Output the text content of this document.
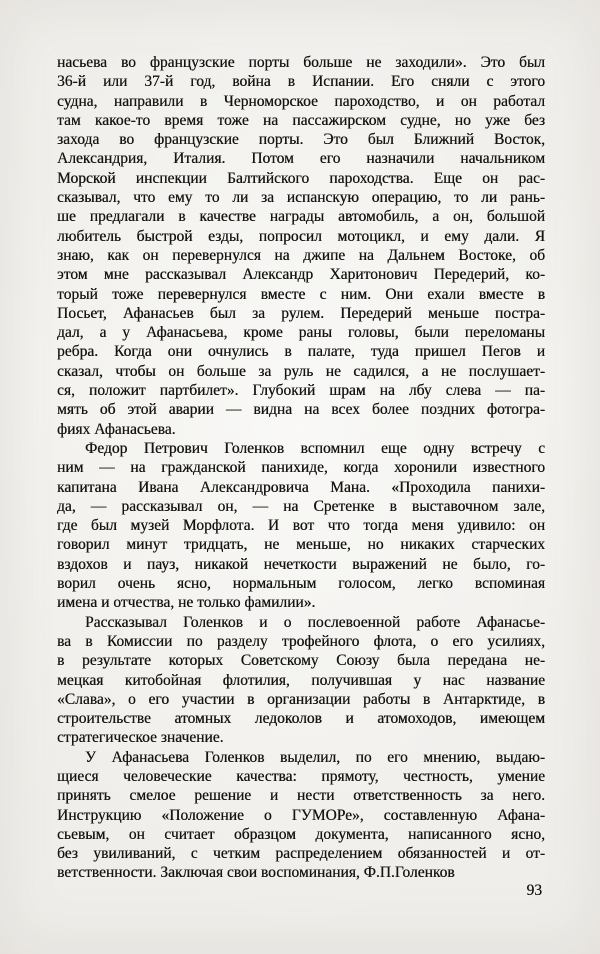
насьева во французские порты больше не заходили». Это был
36-й или 37-й год, война в Испании. Его сняли с этого
судна, направили в Черноморское пароходство, и он работал
там какое-то время тоже на пассажирском судне, но уже без
захода во французские порты. Это был Ближний Восток,
Александрия, Италия. Потом его назначили начальником
Морской инспекции Балтийского пароходства. Еще он рас-
сказывал, что ему то ли за испанскую операцию, то ли рань-
ше предлагали в качестве награды автомобиль, а он, большой
любитель быстрой езды, попросил мотоцикл, и ему дали. Я
знаю, как он перевернулся на джипе на Дальнем Востоке, об
этом мне рассказывал Александр Харитонович Передерий, ко-
торый тоже перевернулся вместе с ним. Они ехали вместе в
Посьет, Афанасьев был за рулем. Передерий меньше постра-
дал, а у Афанасьева, кроме раны головы, были переломаны
ребра. Когда они очнулись в палате, туда пришел Пегов и
сказал, чтобы он больше за руль не садился, а не послушает-
ся, положит партбилет». Глубокий шрам на лбу слева — па-
мять об этой аварии — видна на всех более поздних фотогра-
фиях Афанасьева.
Федор Петрович Голенков вспомнил еще одну встречу с
ним — на гражданской панихиде, когда хоронили известного
капитана Ивана Александровича Мана. «Проходила панихи-
да, — рассказывал он, — на Сретенке в выставочном зале,
где был музей Морфлота. И вот что тогда меня удивило: он
говорил минут тридцать, не меньше, но никаких старческих
вздохов и пауз, никакой нечеткости выражений не было, го-
ворил очень ясно, нормальным голосом, легко вспоминая
имена и отчества, не только фамилии».
Рассказывал Голенков и о послевоенной работе Афанасье-
ва в Комиссии по разделу трофейного флота, о его усилиях,
в результате которых Советскому Союзу была передана не-
мецкая китобойная флотилия, получившая у нас название
«Слава», о его участии в организации работы в Антарктиде, в
строительстве атомных ледоколов и атомоходов, имеющем
стратегическое значение.
У Афанасьева Голенков выделил, по его мнению, выдаю-
щиеся человеческие качества: прямоту, честность, умение
принять смелое решение и нести ответственность за него.
Инструкцию «Положение о ГУМОРе», составленную Афана-
сьевым, он считает образцом документа, написанного ясно,
без увиливаний, с четким распределением обязанностей и от-
ветственности. Заключая свои воспоминания, Ф.П.Голенков
93
